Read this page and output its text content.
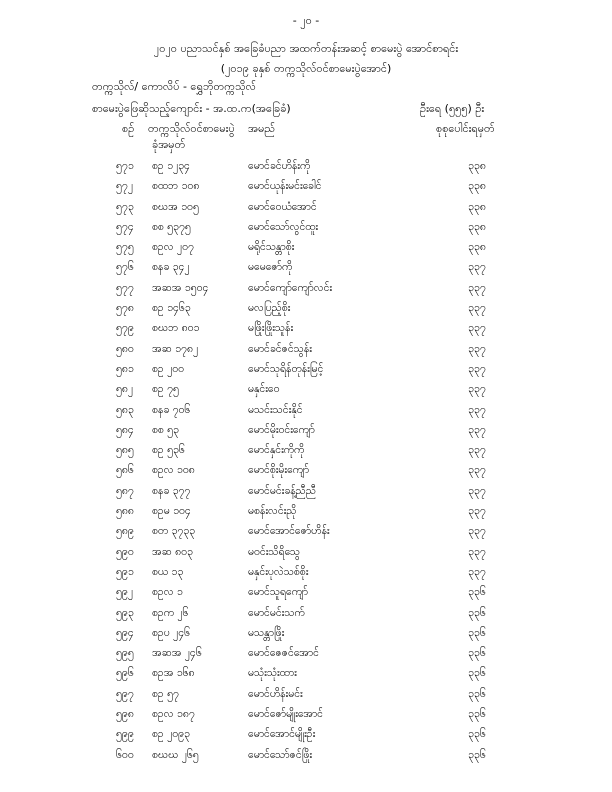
- ၂၀ -
၂၀၂၀ ပညာသင်နှစ် အခြေခံပညာ အထက်တန်းအဆင့် စာမေးပွဲ အောင်စာရင်း
(၂၀၁၉ ခုနှစ် တက္ကသိုလ်ဝင်စာမေးပွဲအောင်)
တက္ကသိုလ်/ ကောလိပ် - ရွှေဘိုတက္ကသိုလ်
စာမေးပွဲဖြေဆိုသည့်ကျောင်း - အ.ထ.က(အခြေခံ)	ဦးရေ (၅၅၅) ဦး
စဉ် တက္ကသိုလ်ဝင်စာမေးပွဲ
ခုံအမှတ်
အမည်	စုစုပေါင်းရမှတ်
၅၇၁ စဥ ၁၂၃၄	မောင်ခင်ဟိန်းကို	၃၃၈
၅၇၂ စထဘ ၁၀၈	မောင်ယုန်းမင်းခေါင်	၃၃၈
၅၇၃ စဃအ ၁၀၅	မောင်ဝေယံအောင်	၃၃၈
၅၇၄ စစ ၅၃၇၅	မောင်သော်လွင်ထူး	၃၃၈
၅၇၅ စဥလ ၂၀၇	မရိုင်သန္တာစိုး	၃၃၈
၅၇၆ စနခ ၃၄၂	မမေဇော်ကို	၃၃၇
၅၇၇ အဆအ ၁၅၀၄	မောင်ကျော်ကျော်လင်း	၃၃၇
၅၇၈ စဥ ၁၄၆၃	မလပြည့်စိုး	၃၃၇
၅၇၉ စဃဘ ၈၀၁	မဖြိုးဖြိုးသူန်း	၃၃၇
၅၈၀ အဆ ၁၇၈၂	မောင်ခင်ဇင်သွန်း	၃၃၇
၅၈၁ စဥ ၂၀၀	မောင်သုရိန်တုန်းမြင့်	၃၃၇
၅၈၂ စဥ ၇၅	မနှင်းဝေ	၃၃၇
၅၈၃ စနခ ၇၀၆	မသင်းသင်းနိုင်	၃၃၇
၅၈၄ စစ ၅၃	မောင်မိုးဝင်းကျော်	၃၃၇
၅၈၅ စဥ ၅၃၆	မောင်နှင်းကိုကို	၃၃၇
၅၈၆ စဥလ ၁၀၈	မောင်စိုးမိုးကျော်	၃၃၇
၅၈၇ စနခ ၃၇၇	မောင်မင်းခန့်ညီညီ	၃၃၇
၅၈၈ စဥမ ၁၀၄	မစန်းလင်းညို	၃၃၇
၅၈၉ စတ ၃၇၃၃	မောင်အောင်ဇော်ဟိန်း	၃၃၇
၅၉၀ အဆ ၈၀၃	မဝင်းသိရိသွေ	၃၃၇
၅၉၁ စယ ၁၃	မနှင်းပုလဲသစ်စိုး	၃၃၇
၅၉၂ စဥလ ၁	မောင်သူရကျော်	၃၃၆
၅၉၃ စဥက ၂၆	မောင်မင်းသက်	၃၃၆
၅၉၄ စဥပ ၂၄၆	မသန္တာဖြိုး	၃၃၆
၅၉၅ အဆအ ၂၄၆	မောင်ဇေဇင်အောင်	၃၃၆
၅၉၆ စဥအ ၁၆၈	မသုံးသုံးထား	၃၃၆
၅၉၇ စဥ ၅၇	မောင်ဟိန်းမင်း	၃၃၆
၅၉၈ စဥလ ၁၈၇	မောင်ဇော်မျိုးအောင်	၃၃၆
၅၉၉ စဥ ၂၀၉၃	မောင်အောင်မျိုးဦး	၃၃၆
၆၀၀ စဃဃ ၂၆၅	မောင်သော်ဇင်ဖြိုး	၃၃၆
